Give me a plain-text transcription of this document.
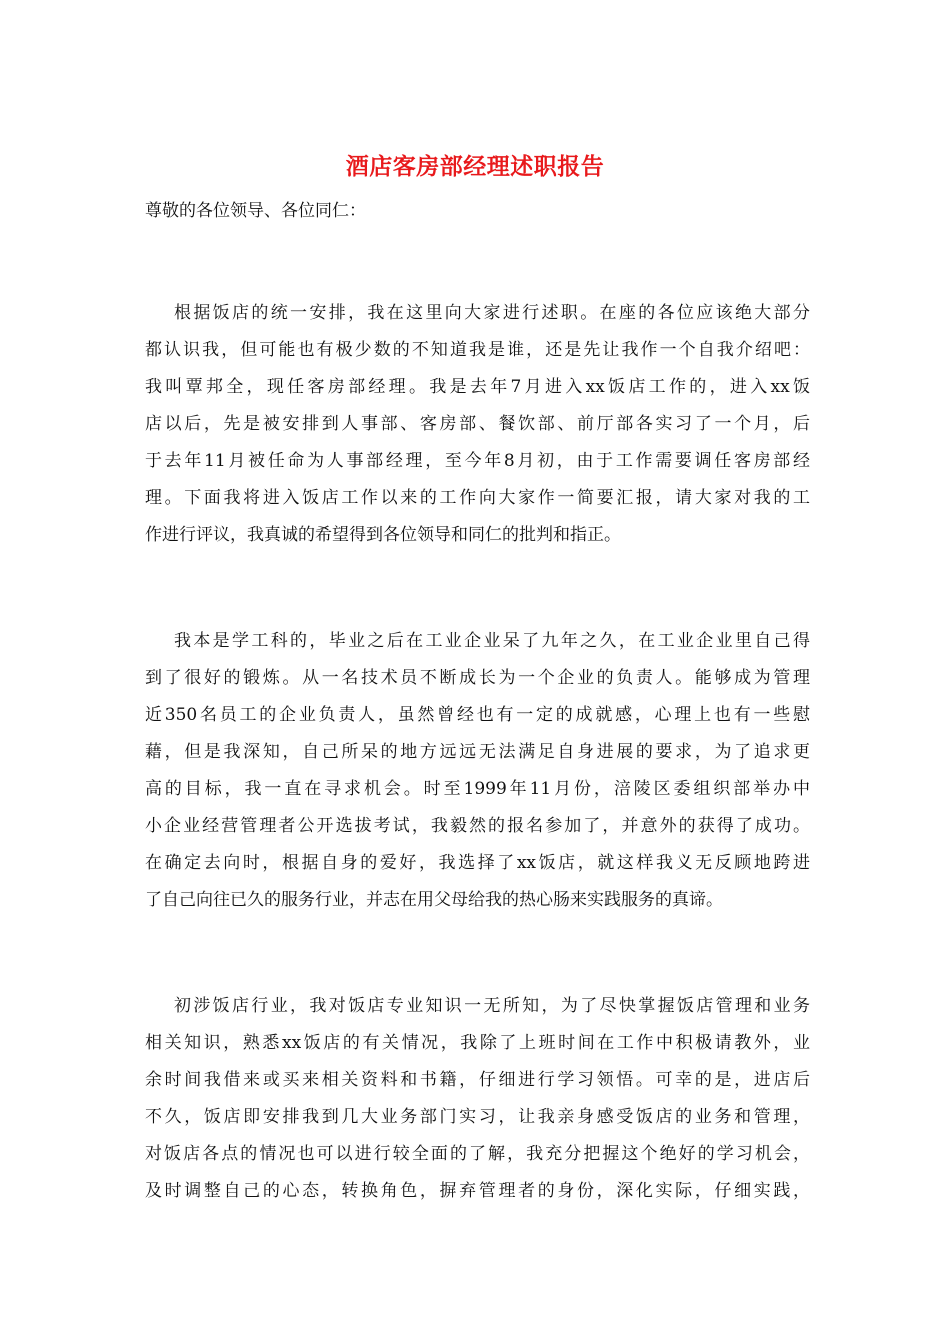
酒店客房部经理述职报告
尊敬的各位领导、各位同仁：
根据饭店的统一安排，我在这里向大家进行述职。在座的各位应该绝大部分
都认识我，但可能也有极少数的不知道我是谁，还是先让我作一个自我介绍吧：
我叫覃邦全，现任客房部经理。我是去年7月进入xx饭店工作的，进入xx饭
店以后，先是被安排到人事部、客房部、餐饮部、前厅部各实习了一个月，后
于去年11月被任命为人事部经理，至今年8月初，由于工作需要调任客房部经
理。下面我将进入饭店工作以来的工作向大家作一简要汇报，请大家对我的工
作进行评议，我真诚的希望得到各位领导和同仁的批判和指正。
我本是学工科的，毕业之后在工业企业呆了九年之久，在工业企业里自己得
到了很好的锻炼。从一名技术员不断成长为一个企业的负责人。能够成为管理
近350名员工的企业负责人，虽然曾经也有一定的成就感，心理上也有一些慰
藉，但是我深知，自己所呆的地方远远无法满足自身进展的要求，为了追求更
高的目标，我一直在寻求机会。时至1999年11月份，涪陵区委组织部举办中
小企业经营管理者公开选拔考试，我毅然的报名参加了，并意外的获得了成功。
在确定去向时，根据自身的爱好，我选择了xx饭店，就这样我义无反顾地跨进
了自己向往已久的服务行业，并志在用父母给我的热心肠来实践服务的真谛。
初涉饭店行业，我对饭店专业知识一无所知，为了尽快掌握饭店管理和业务
相关知识，熟悉xx饭店的有关情况，我除了上班时间在工作中积极请教外，业
余时间我借来或买来相关资料和书籍，仔细进行学习领悟。可幸的是，进店后
不久，饭店即安排我到几大业务部门实习，让我亲身感受饭店的业务和管理，
对饭店各点的情况也可以进行较全面的了解，我充分把握这个绝好的学习机会，
及时调整自己的心态，转换角色，摒弃管理者的身份，深化实际，仔细实践，
